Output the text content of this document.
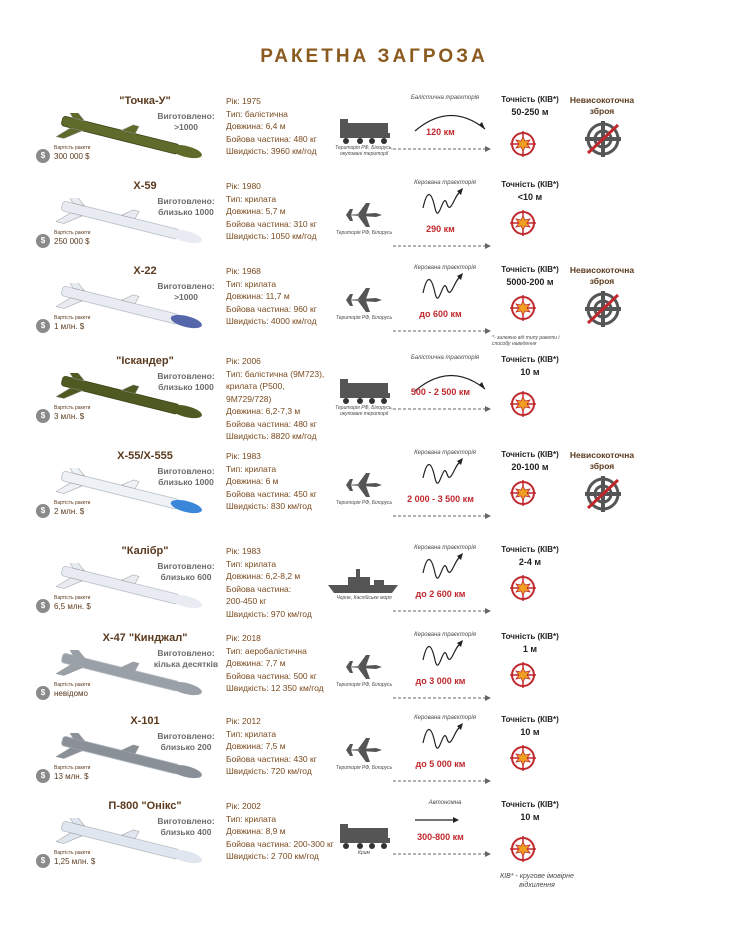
РАКЕТНА ЗАГРОЗА
"Точка-У"
Виготовлено:
>1000
$
Вартість ракети
300 000 $
Рік: 1975
Тип: балістична
Довжина: 6,4 м
Бойова частина: 480 кг
Швидкість: 3960 км/год	Територія РФ, Білорусь, окуповані території
Балістична траєкторія
120 км
Точність (КІВ*)
50-250 м
Невисокоточна зброя
Х-59
Виготовлено:
близько 1000
$
Вартість ракети
250 000 $
Рік: 1980
Тип: крилата
Довжина: 5,7 м
Бойова частина: 310 кг
Швидкість: 1050 км/год	Територія РФ, Білорусь
Керована траєкторія
290 км
Точність (КІВ*)
<10 м
Х-22
Виготовлено:
>1000
$
Вартість ракети
1 млн. $
Рік: 1968
Тип: крилата
Довжина: 11,7 м
Бойова частина: 960 кг
Швидкість: 4000 км/год	Територія РФ, Білорусь
Керована траєкторія
до 600 км
Точність (КІВ*)
5000-200 м
Невисокоточна зброя
*- залежно від типу ракети і способу наведення
"Іскандер"
Виготовлено:
близько 1000
$
Вартість ракети
3 млн. $
Рік: 2006
Тип: балістична (9М723),
крилата (Р500,
9М729/728)
Довжина: 6,2-7,3 м
Бойова частина: 480 кг
Швидкість: 8820 км/год
Територія РФ, Білорусь, окуповані території
Балістична траєкторія
500 - 2 500 км
Точність (КІВ*)
10 м
Х-55/Х-555
Виготовлено:
близько 1000
$
Вартість ракети
2 млн. $
Рік: 1983
Тип: крилата
Довжина: 6 м
Бойова частина: 450 кг
Швидкість: 830 км/год	Територія РФ, Білорусь
Керована траєкторія
2 000 - 3 500 км
Точність (КІВ*)
20-100 м
Невисокоточна зброя
"Калібр"
Виготовлено:
близько 600
$
Вартість ракети
6,5 млн. $
Рік: 1983
Тип: крилата
Довжина: 6,2-8,2 м
Бойова частина:
200-450 кг
Швидкість: 970 км/год
Чорне, Каспійське моря
Керована траєкторія
до 2 600 км
Точність (КІВ*)
2-4 м
Х-47 "Кинджал"
Виготовлено:
кілька десятків
$
Вартість ракети
невідомо
Рік: 2018
Тип: аеробалістична
Довжина: 7,7 м
Бойова частина: 500 кг
Швидкість: 12 350 км/год	Територія РФ, Білорусь
Керована траєкторія
до 3 000 км
Точність (КІВ*)
1 м
Х-101
Виготовлено:
близько 200
$
Вартість ракети
13 млн. $
Рік: 2012
Тип: крилата
Довжина: 7,5 м
Бойова частина: 430 кг
Швидкість: 720 км/год	Територія РФ, Білорусь
Керована траєкторія
до 5 000 км
Точність (КІВ*)
10 м
П-800 "Онікс"
Виготовлено:
близько 400
$
Вартість ракети
1,25 млн. $
Рік: 2002
Тип: крилата
Довжина: 8,9 м
Бойова частина: 200-300 кг
Швидкість: 2 700 км/год	Крим
Автономна
300-800 км
Точність (КІВ*)
10 м
КІВ* - кругове імовірне відхилення
